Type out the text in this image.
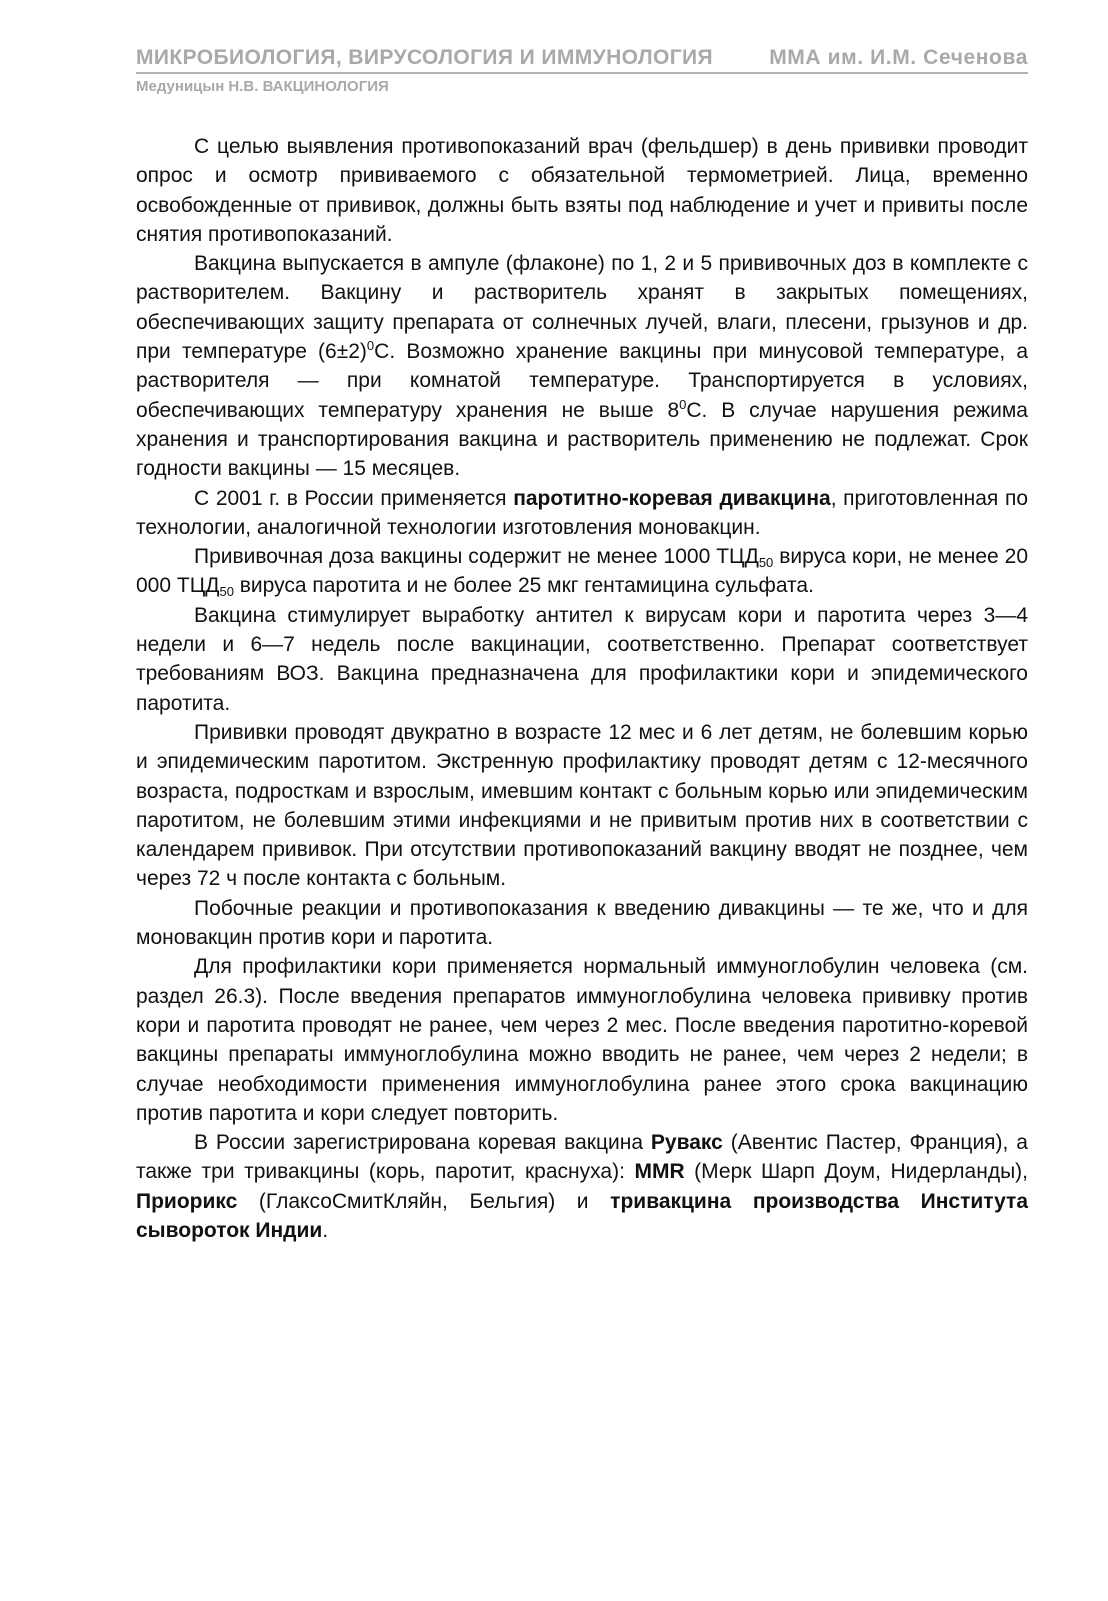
МИКРОБИОЛОГИЯ, ВИРУСОЛОГИЯ И ИММУНОЛОГИЯ	ММА им. И.М. Сеченова
Медуницын Н.В. ВАКЦИНОЛОГИЯ

С целью выявления противопоказаний врач (фельдшер) в день прививки проводит опрос и осмотр прививаемого с обязательной термометрией. Лица, временно освобожденные от прививок, должны быть взяты под наблюдение и учет и привиты после снятия противопоказаний.

Вакцина выпускается в ампуле (флаконе) по 1, 2 и 5 прививочных доз в комплекте с растворителем. Вакцину и растворитель хранят в закрытых помещениях, обеспечивающих защиту препарата от солнечных лучей, влаги, плесени, грызунов и др. при температуре $(6\pm 2)^0С$. Возможно хранение вакцины при минусовой температуре, а растворителя — при комнатой температуре. Транспортируется в условиях, обеспечивающих температуру хранения не выше $8^0С$. В случае нарушения режима хранения и транспортирования вакцина и растворитель применению не подлежат. Срок годности вакцины — 15 месяцев.

С 2001 г. в России применяется паротитно-коревая дивакцина, приготовленная по технологии, аналогичной технологии изготовления моновакцин.

Прививочная доза вакцины содержит не менее 1000 $ТЦД_{50}$ вируса кори, не менее 20 000 $ТЦД_{50}$ вируса паротита и не более 25 мкг гентамицина сульфата.

Вакцина стимулирует выработку антител к вирусам кори и паротита через 3—4 недели и 6—7 недель после вакцинации, соответственно. Препарат соответствует требованиям ВОЗ. Вакцина предназначена для профилактики кори и эпидемического паротита.

Прививки проводят двукратно в возрасте 12 мес и 6 лет детям, не болевшим корью и эпидемическим паротитом. Экстренную профилактику проводят детям с 12-месячного возраста, подросткам и взрослым, имевшим контакт с больным корью или эпидемическим паротитом, не болевшим этими инфекциями и не привитым против них в соответствии с календарем прививок. При отсутствии противопоказаний вакцину вводят не позднее, чем через 72 ч после контакта с больным.

Побочные реакции и противопоказания к введению дивакцины — те же, что и для моновакцин против кори и паротита.

Для профилактики кори применяется нормальный иммуноглобулин человека (см. раздел 26.3). После введения препаратов иммуноглобулина человека прививку против кори и паротита проводят не ранее, чем через 2 мес. После введения паротитно-коревой вакцины препараты иммуноглобулина можно вводить не ранее, чем через 2 недели; в случае необходимости применения иммуноглобулина ранее этого срока вакцинацию против паротита и кори следует повторить.

В России зарегистрирована коревая вакцина Рувакс (Авентис Пастер, Франция), а также три тривакцины (корь, паротит, краснуха): MMR (Мерк Шарп Доум, Нидерланды), Приорикс (ГлаксоСмитКляйн, Бельгия) и тривакцина производства Института сывороток Индии.
